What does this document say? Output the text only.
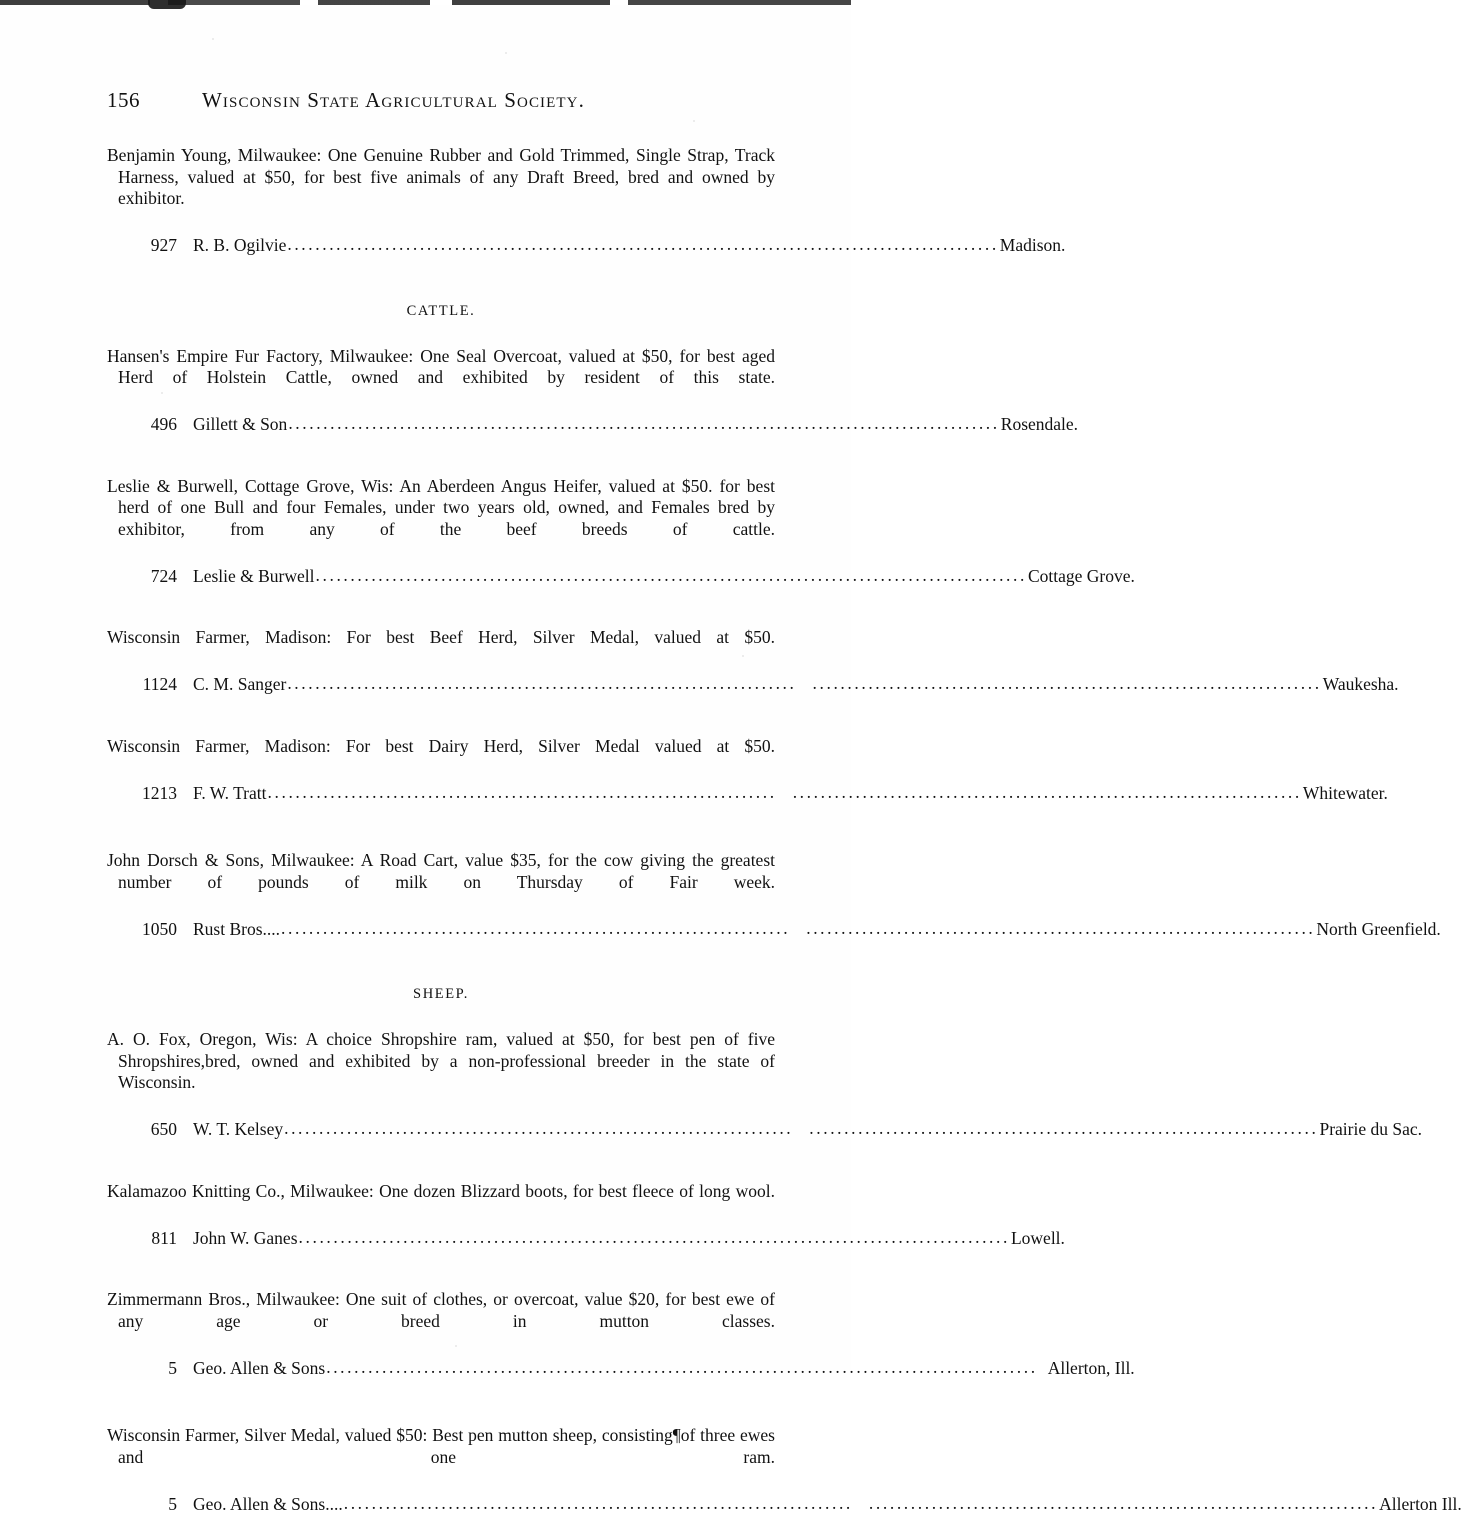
156	Wisconsin State Agricultural Society.

Benjamin Young, Milwaukee: One Genuine Rubber and Gold Trimmed, Single Strap, Track Harness, valued at $50, for best five animals of any Draft Breed, bred and owned by exhibitor.

927 R. B. Ogilvie .....	Madison.

CATTLE.

Hansen's Empire Fur Factory, Milwaukee: One Seal Overcoat, valued at $50, for best aged Herd of Holstein Cattle, owned and exhibited by resident of this state.

496 Gillett & Son .....	Rosendale.

Leslie & Burwell, Cottage Grove, Wis: An Aberdeen Angus Heifer, valued at $50. for best herd of one Bull and four Females, under two years old, owned, and Females bred by exhibitor, from any of the beef breeds of cattle.

724 Leslie & Burwell .....	Cottage Grove.

Wisconsin Farmer, Madison: For best Beef Herd, Silver Medal, valued at $50.

1124 C. M. Sanger ..... .....	Waukesha.

Wisconsin Farmer, Madison: For best Dairy Herd, Silver Medal valued at $50.

1213 F. W. Tratt ..... .....	Whitewater.

John Dorsch & Sons, Milwaukee: A Road Cart, value $35, for the cow giving the greatest number of pounds of milk on Thursday of Fair week.

1050 Rust Bros.... ..... .....	North Greenfield.

SHEEP.

A. O. Fox, Oregon, Wis: A choice Shropshire ram, valued at $50, for best pen of five Shropshires,bred, owned and exhibited by a non-professional breeder in the state of Wisconsin.

650 W. T. Kelsey ..... .....	Prairie du Sac.

Kalamazoo Knitting Co., Milwaukee: One dozen Blizzard boots, for best fleece of long wool.

811 John W. Ganes .....	Lowell.

Zimmermann Bros., Milwaukee: One suit of clothes, or overcoat, value $20, for best ewe of any age or breed in mutton classes.

5 Geo. Allen & Sons .....	Allerton, Ill.

Wisconsin Farmer, Silver Medal, valued $50: Best pen mutton sheep, consisting¶of three ewes and one ram.

5 Geo. Allen & Sons.... ..... .....	Allerton Ill.
